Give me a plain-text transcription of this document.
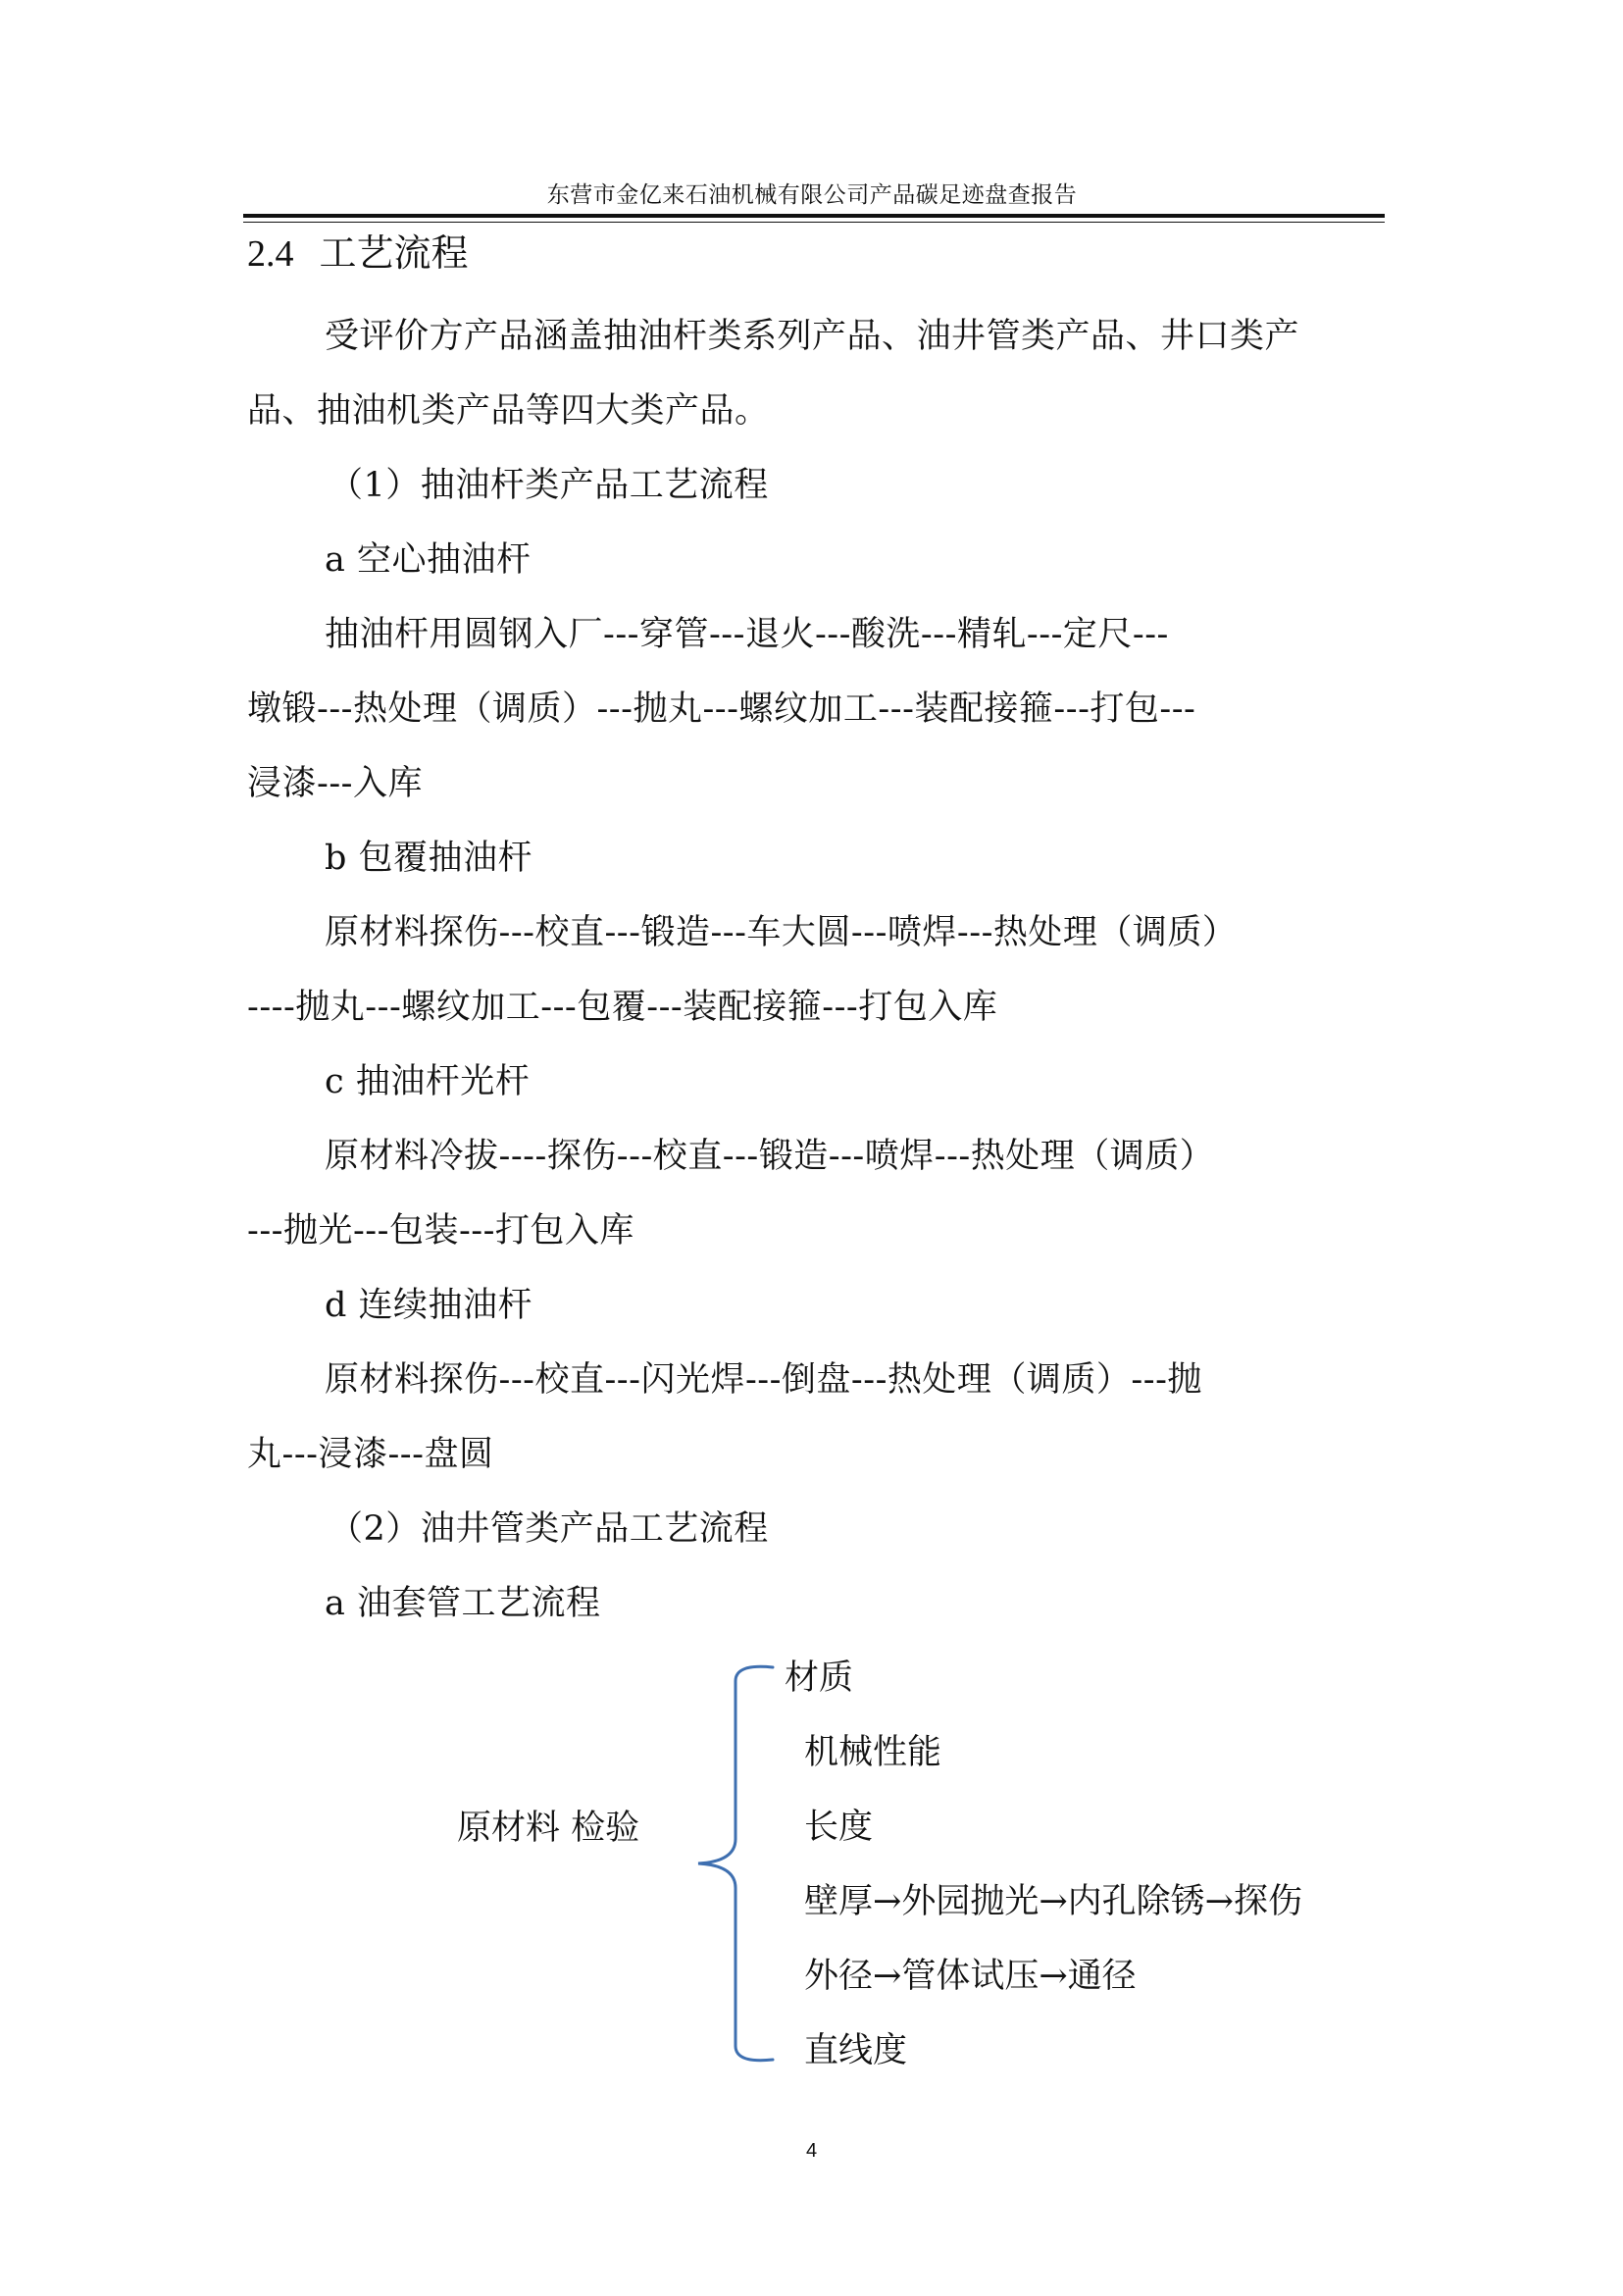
东营市金亿来石油机械有限公司产品碳足迹盘查报告
2.4 工艺流程
受评价方产品涵盖抽油杆类系列产品、油井管类产品、井口类产
品、抽油机类产品等四大类产品。
（1）抽油杆类产品工艺流程
a 空心抽油杆
抽油杆用圆钢入厂---穿管---退火---酸洗---精轧---定尺---
墩锻---热处理（调质）---抛丸---螺纹加工---装配接箍---打包---
浸漆---入库
b 包覆抽油杆
原材料探伤---校直---锻造---车大圆---喷焊---热处理（调质）
----抛丸---螺纹加工---包覆---装配接箍---打包入库
c 抽油杆光杆
原材料冷拔----探伤---校直---锻造---喷焊---热处理（调质）
---抛光---包装---打包入库
d 连续抽油杆
原材料探伤---校直---闪光焊---倒盘---热处理（调质）---抛
丸---浸漆---盘圆
（2）油井管类产品工艺流程
a 油套管工艺流程
原材料 检验
材质
机械性能
长度
壁厚→外园抛光→内孔除锈→探伤
外径→管体试压→通径
直线度
4
